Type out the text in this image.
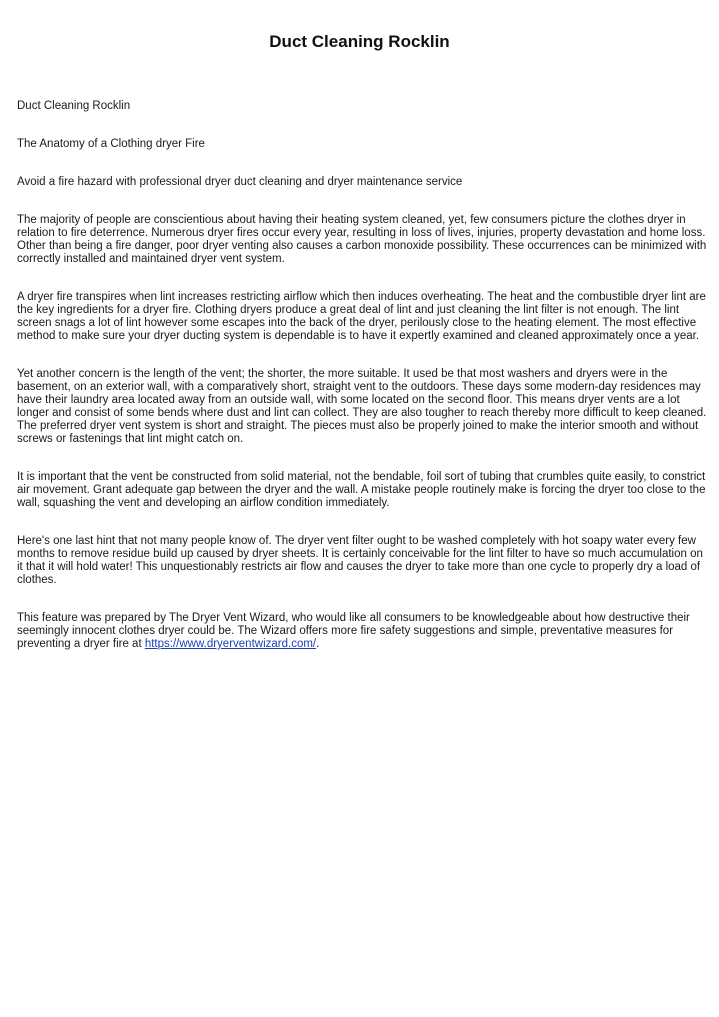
Duct Cleaning Rocklin

Duct Cleaning Rocklin

The Anatomy of a Clothing dryer Fire

Avoid a fire hazard with professional dryer duct cleaning and dryer maintenance service

The majority of people are conscientious about having their heating system cleaned, yet, few consumers picture the clothes dryer in relation to fire deterrence. Numerous dryer fires occur every year, resulting in loss of lives, injuries, property devastation and home loss. Other than being a fire danger, poor dryer venting also causes a carbon monoxide possibility. These occurrences can be minimized with correctly installed and maintained dryer vent system.

A dryer fire transpires when lint increases restricting airflow which then induces overheating. The heat and the combustible dryer lint are the key ingredients for a dryer fire. Clothing dryers produce a great deal of lint and just cleaning the lint filter is not enough. The lint screen snags a lot of lint however some escapes into the back of the dryer, perilously close to the heating element. The most effective method to make sure your dryer ducting system is dependable is to have it expertly examined and cleaned approximately once a year.

Yet another concern is the length of the vent; the shorter, the more suitable. It used be that most washers and dryers were in the basement, on an exterior wall, with a comparatively short, straight vent to the outdoors. These days some modern-day residences may have their laundry area located away from an outside wall, with some located on the second floor. This means dryer vents are a lot longer and consist of some bends where dust and lint can collect. They are also tougher to reach thereby more difficult to keep cleaned. The preferred dryer vent system is short and straight. The pieces must also be properly joined to make the interior smooth and without screws or fastenings that lint might catch on.

It is important that the vent be constructed from solid material, not the bendable, foil sort of tubing that crumbles quite easily, to constrict air movement. Grant adequate gap between the dryer and the wall. A mistake people routinely make is forcing the dryer too close to the wall, squashing the vent and developing an airflow condition immediately.

Here's one last hint that not many people know of. The dryer vent filter ought to be washed completely with hot soapy water every few months to remove residue build up caused by dryer sheets. It is certainly conceivable for the lint filter to have so much accumulation on it that it will hold water! This unquestionably restricts air flow and causes the dryer to take more than one cycle to properly dry a load of clothes.

This feature was prepared by The Dryer Vent Wizard, who would like all consumers to be knowledgeable about how destructive their seemingly innocent clothes dryer could be. The Wizard offers more fire safety suggestions and simple, preventative measures for preventing a dryer fire at https://www.dryerventwizard.com/.
